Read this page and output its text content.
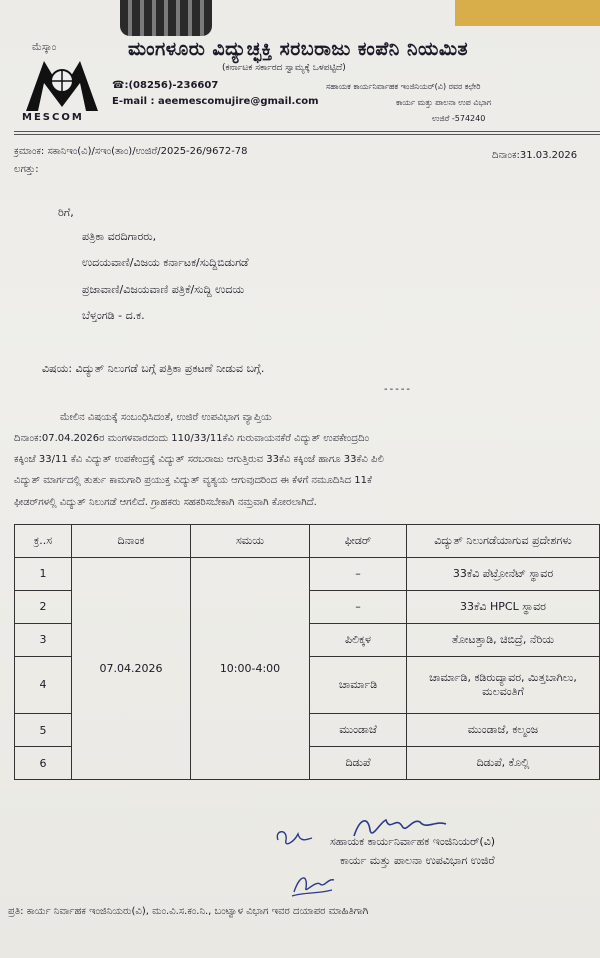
ಮೆಸ್ಕಾಂ
MESCOM
ಮಂಗಳೂರು ವಿದ್ಯುಚ್ಛಕ್ತಿ ಸರಬರಾಜು ಕಂಪೆನಿ ನಿಯಮಿತ
(ಕರ್ನಾಟಕ ಸರ್ಕಾರದ ಸ್ವಾಮ್ಯಕ್ಕೆ ಒಳಪಟ್ಟಿದೆ)
☎:(08256)-236607
E-mail : aeemescomujire@gmail.com
ಸಹಾಯಕ ಕಾರ್ಯನಿರ್ವಾಹಕ ಇಂಜಿನಿಯರ್(ವಿ) ರವರ ಕಛೇರಿ
ಕಾರ್ಯ ಮತ್ತು ಪಾಲನಾ ಉಪ ವಿಭಾಗ
ಉಜಿರೆ -574240
ಕ್ರಮಾಂಕ: ಸಕಾನಿಇಂ(ವಿ)/ಸಇಂ(ತಾಂ)/ಉಜಿರೆ/2025-26/9672-78	ದಿನಾಂಕ:31.03.2026
ಲಗತ್ತು:
ರಿಗೆ,
ಪತ್ರಿಕಾ ವರದಿಗಾರರು,
ಉದಯವಾಣಿ/ವಿಜಯ ಕರ್ನಾಟಕ/ಸುದ್ದಿಬಿಡುಗಡೆ
ಪ್ರಜಾವಾಣಿ/ವಿಜಯವಾಣಿ ಪತ್ರಿಕೆ/ಸುದ್ದಿ ಉದಯ
ಬೆಳ್ತಂಗಡಿ - ದ.ಕ.
ವಿಷಯ: ವಿದ್ಯುತ್ ನಿಲುಗಡೆ ಬಗ್ಗೆ ಪತ್ರಿಕಾ ಪ್ರಕಟಣೆ ನೀಡುವ ಬಗ್ಗೆ.
-----
ಮೇಲಿನ ವಿಷಯಕ್ಕೆ ಸಂಬಂಧಿಸಿದಂತೆ, ಉಜಿರೆ ಉಪವಿಭಾಗ ವ್ಯಾಪ್ತಿಯ
ದಿನಾಂಕ:07.04.2026ರ ಮಂಗಳವಾರದಂದು 110/33/11ಕೆವಿ ಗುರುವಾಯನಕೆರೆ ವಿದ್ಯುತ್ ಉಪಕೇಂದ್ರದಿಂ
ಕಕ್ಕಿಂಜೆ 33/11 ಕೆವಿ ವಿದ್ಯುತ್ ಉಪಕೇಂದ್ರಕ್ಕೆ ವಿದ್ಯುತ್ ಸರಬರಾಜು ಆಗುತ್ತಿರುವ 33ಕೆವಿ ಕಕ್ಕಿಂಜೆ ಹಾಗೂ 33ಕೆವಿ ಪಿಲಿ
ವಿದ್ಯುತ್ ಮಾರ್ಗದಲ್ಲಿ ತುರ್ತು ಕಾಮಗಾರಿ ಪ್ರಯುಕ್ತ ವಿದ್ಯುತ್ ವ್ಯತ್ಯಯ ಆಗುವುದರಿಂದ ಈ ಕೆಳಗೆ ನಮೂದಿಸಿದ 11ಕೆ
ಫೀಡರ್‌ಗಳಲ್ಲಿ ವಿದ್ಯುತ್ ನಿಲುಗಡೆ ಆಗಲಿದೆ. ಗ್ರಾಹಕರು ಸಹಕರಿಸಬೇಕಾಗಿ ನಮ್ರವಾಗಿ ಕೋರಲಾಗಿದೆ.
ಕ್ರ..ಸ	ದಿನಾಂಕ	ಸಮಯ	ಫೀಡರ್	ವಿದ್ಯುತ್ ನಿಲುಗಡೆಯಾಗುವ ಪ್ರದೇಶಗಳು
1	07.04.2026	10:00-4:00	–	33ಕೆವಿ ಪೆಟ್ರೋನೆಟ್ ಸ್ಥಾವರ
2			–	33ಕೆವಿ HPCL ಸ್ಥಾವರ
3			ಪಿಲಿಕ್ಕಳ	ತೋಟತ್ತಾಡಿ, ಚಿಬಿದ್ರೆ, ನೆರಿಯ
4			ಚಾರ್ಮಾಡಿ	ಚಾರ್ಮಾಡಿ, ಕಡಿರುದ್ಯಾವರ, ಮಿತ್ತಬಾಗಿಲು, ಮಲವಂತಿಗೆ
5			ಮುಂಡಾಜೆ	ಮುಂಡಾಜೆ, ಕಲ್ಮಂಜ
6			ದಿಡುಪೆ	ದಿಡುಪೆ, ಕೊಲ್ಲಿ
ಸಹಾಯಕ ಕಾರ್ಯನಿರ್ವಾಹಕ ಇಂಜಿನಿಯರ್(ವಿ)
ಕಾರ್ಯ ಮತ್ತು ಪಾಲನಾ ಉಪವಿಭಾಗ ಉಜಿರೆ
ಪ್ರತಿ: ಕಾರ್ಯ ನಿರ್ವಾಹಕ ಇಂಜಿನಿಯರು(ವಿ), ಮಂ.ವಿ.ಸ.ಕಂ.ನಿ., ಬಂಟ್ವಾಳ ವಿಭಾಗ ಇವರ ದಯಾಪರ ಮಾಹಿತಿಗಾಗಿ
